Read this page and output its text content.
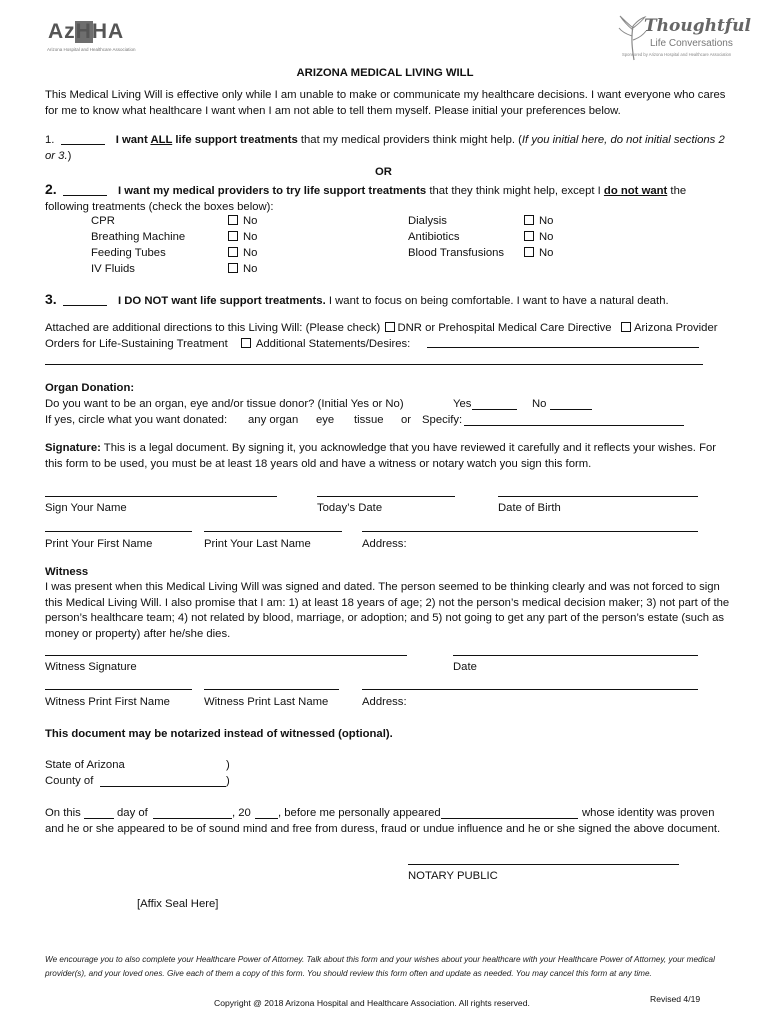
AzHHA
Arizona Hospital and Healthcare Association
Thoughtful
Life Conversations
Sponsored by Arizona Hospital and Healthcare Association
ARIZONA MEDICAL LIVING WILL
This Medical Living Will is effective only while I am unable to make or communicate my healthcare decisions. I want everyone who cares for me to know what healthcare I want when I am not able to tell them myself. Please initial your preferences below.
1.	I want ALL life support treatments that my medical providers think might help. (If you initial here, do not initial sections 2 or 3.)
OR
2.	I want my medical providers to try life support treatments that they think might help, except I do not want the following treatments (check the boxes below):
CPR	No
Breathing Machine	No
Feeding Tubes	No
IV Fluids	No
Dialysis	No
Antibiotics	No
Blood Transfusions	No
3.	I DO NOT want life support treatments. I want to focus on being comfortable. I want to have a natural death.
Attached are additional directions to this Living Will: (Please check) DNR or Prehospital Medical Care Directive	Arizona Provider Orders for Life-Sustaining Treatment Additional Statements/Desires:
Organ Donation:
Do you want to be an organ, eye and/or tissue donor? (Initial Yes or No)	Yes	No
If yes, circle what you want donated: any organ eye tissue or Specify:
Signature: This is a legal document. By signing it, you acknowledge that you have reviewed it carefully and it reflects your wishes. For this form to be used, you must be at least 18 years old and have a witness or notary watch you sign this form.
Sign Your Name	Today’s Date	Date of Birth
Print Your First Name	Print Your Last Name	Address:
Witness
I was present when this Medical Living Will was signed and dated. The person seemed to be thinking clearly and was not forced to sign this Medical Living Will. I also promise that I am: 1) at least 18 years of age; 2) not the person’s medical decision maker; 3) not part of the person’s healthcare team; 4) not related by blood, marriage, or adoption; and 5) not going to get any part of the person’s estate (such as money or property) after he/she dies.
Witness Signature	Date
Witness Print First Name	Witness Print Last Name	Address:
This document may be notarized instead of witnessed (optional).
State of Arizona	)
County of	)
On this	day of	, 20 , before me personally appeared	whose identity was proven
and he or she appeared to be of sound mind and free from duress, fraud or undue influence and he or she signed the above document.
NOTARY PUBLIC
[Affix Seal Here]
We encourage you to also complete your Healthcare Power of Attorney. Talk about this form and your wishes about your healthcare with your Healthcare Power of Attorney, your medical provider(s), and your loved ones. Give each of them a copy of this form. You should review this form often and update as needed. You may cancel this form at any time.
Copyright @ 2018 Arizona Hospital and Healthcare Association. All rights reserved.	Revised 4/19
